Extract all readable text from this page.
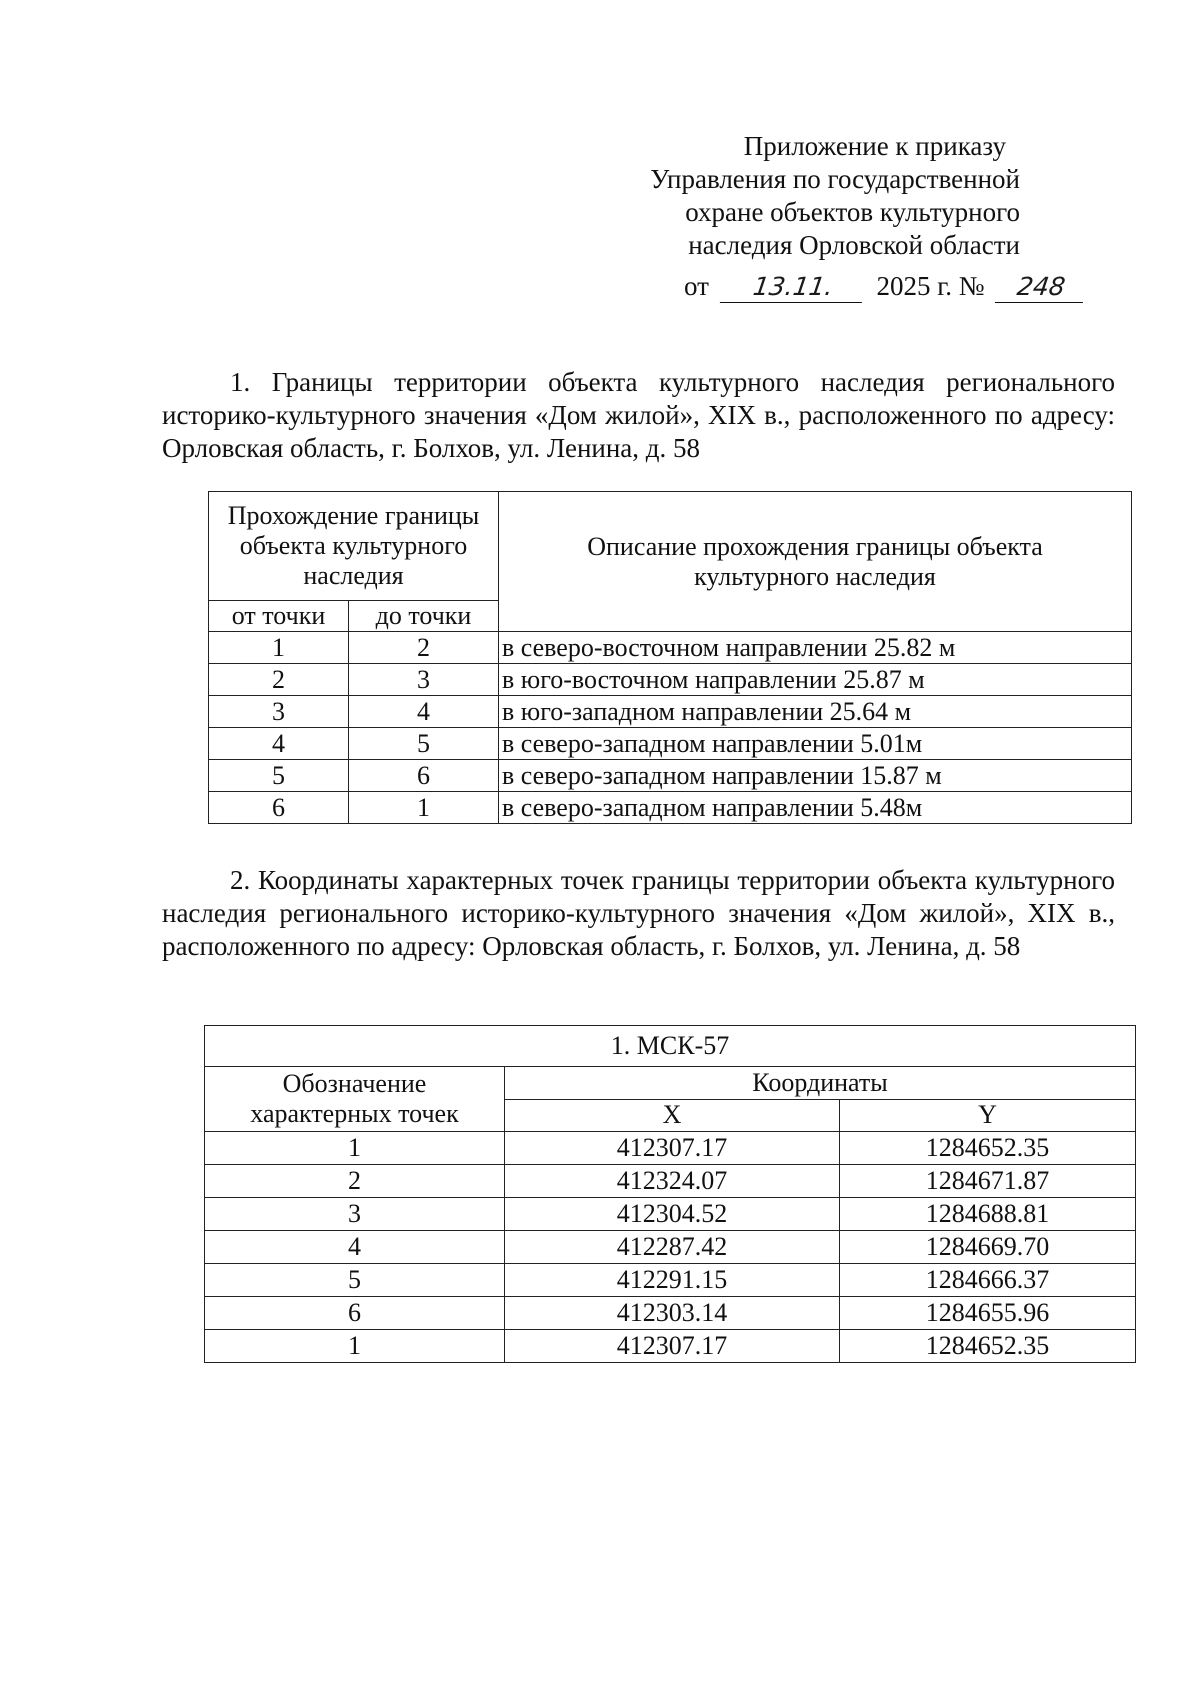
Приложение к приказу
Управления по государственной
охране объектов культурного
наследия Орловской области
от 13.11. 2025 г. № 248
1. Границы территории объекта культурного наследия регионального историко-культурного значения «Дом жилой», XIX в., расположенного по адресу: Орловская область, г. Болхов, ул. Ленина, д. 58
Прохождение границы объекта культурного наследия		Описание прохождения границы объекта культурного наследия
от точки	до точки	
1	2	в северо-восточном направлении 25.82 м
2	3	в юго-восточном направлении 25.87 м
3	4	в юго-западном направлении 25.64 м
4	5	в северо-западном направлении 5.01м
5	6	в северо-западном направлении 15.87 м
6	1	в северо-западном направлении 5.48м
2. Координаты характерных точек границы территории объекта культурного наследия регионального историко-культурного значения «Дом жилой», XIX в., расположенного по адресу: Орловская область, г. Болхов, ул. Ленина, д. 58
1. МСК-57		
Обозначение характерных точек	Координаты	
	X	Y
1	412307.17	1284652.35
2	412324.07	1284671.87
3	412304.52	1284688.81
4	412287.42	1284669.70
5	412291.15	1284666.37
6	412303.14	1284655.96
1	412307.17	1284652.35
